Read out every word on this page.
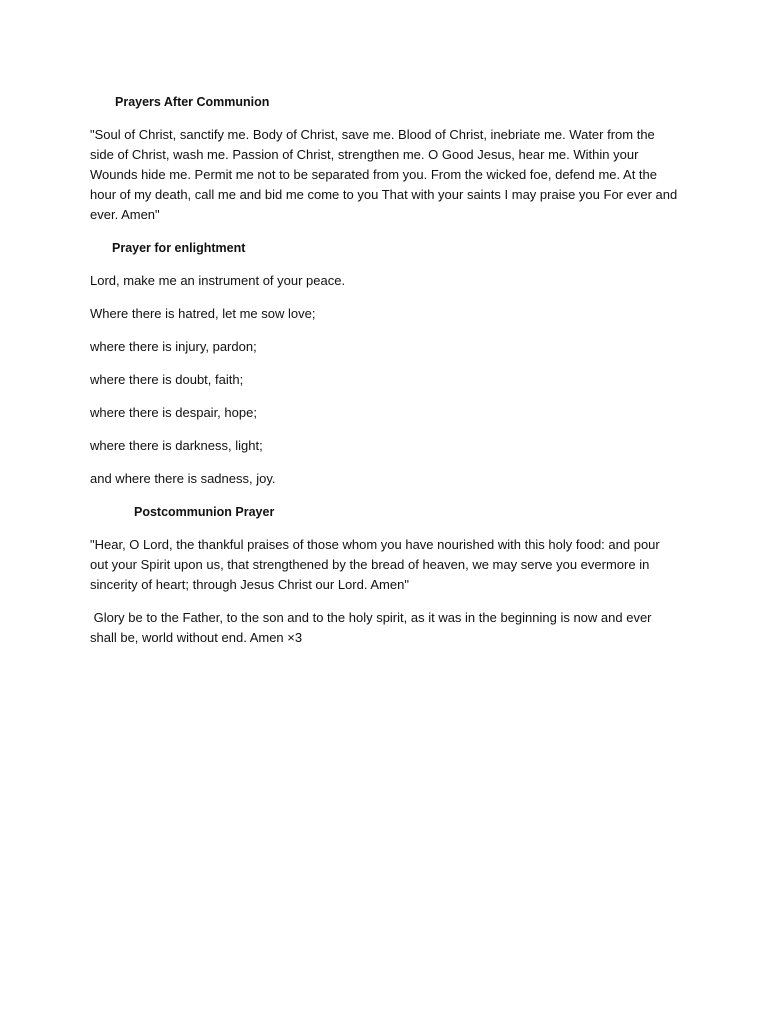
Prayers After Communion

"Soul of Christ, sanctify me. Body of Christ, save me. Blood of Christ, inebriate me. Water from the side of Christ, wash me. Passion of Christ, strengthen me. O Good Jesus, hear me. Within your Wounds hide me. Permit me not to be separated from you. From the wicked foe, defend me. At the hour of my death, call me and bid me come to you That with your saints I may praise you For ever and ever. Amen"

Prayer for enlightment

Lord, make me an instrument of your peace.

Where there is hatred, let me sow love;

where there is injury, pardon;

where there is doubt, faith;

where there is despair, hope;

where there is darkness, light;

and where there is sadness, joy.

Postcommunion Prayer

"Hear, O Lord, the thankful praises of those whom you have nourished with this holy food: and pour out your Spirit upon us, that strengthened by the bread of heaven, we may serve you evermore in sincerity of heart; through Jesus Christ our Lord. Amen"

Glory be to the Father, to the son and to the holy spirit, as it was in the beginning is now and ever shall be, world without end. Amen ×3
